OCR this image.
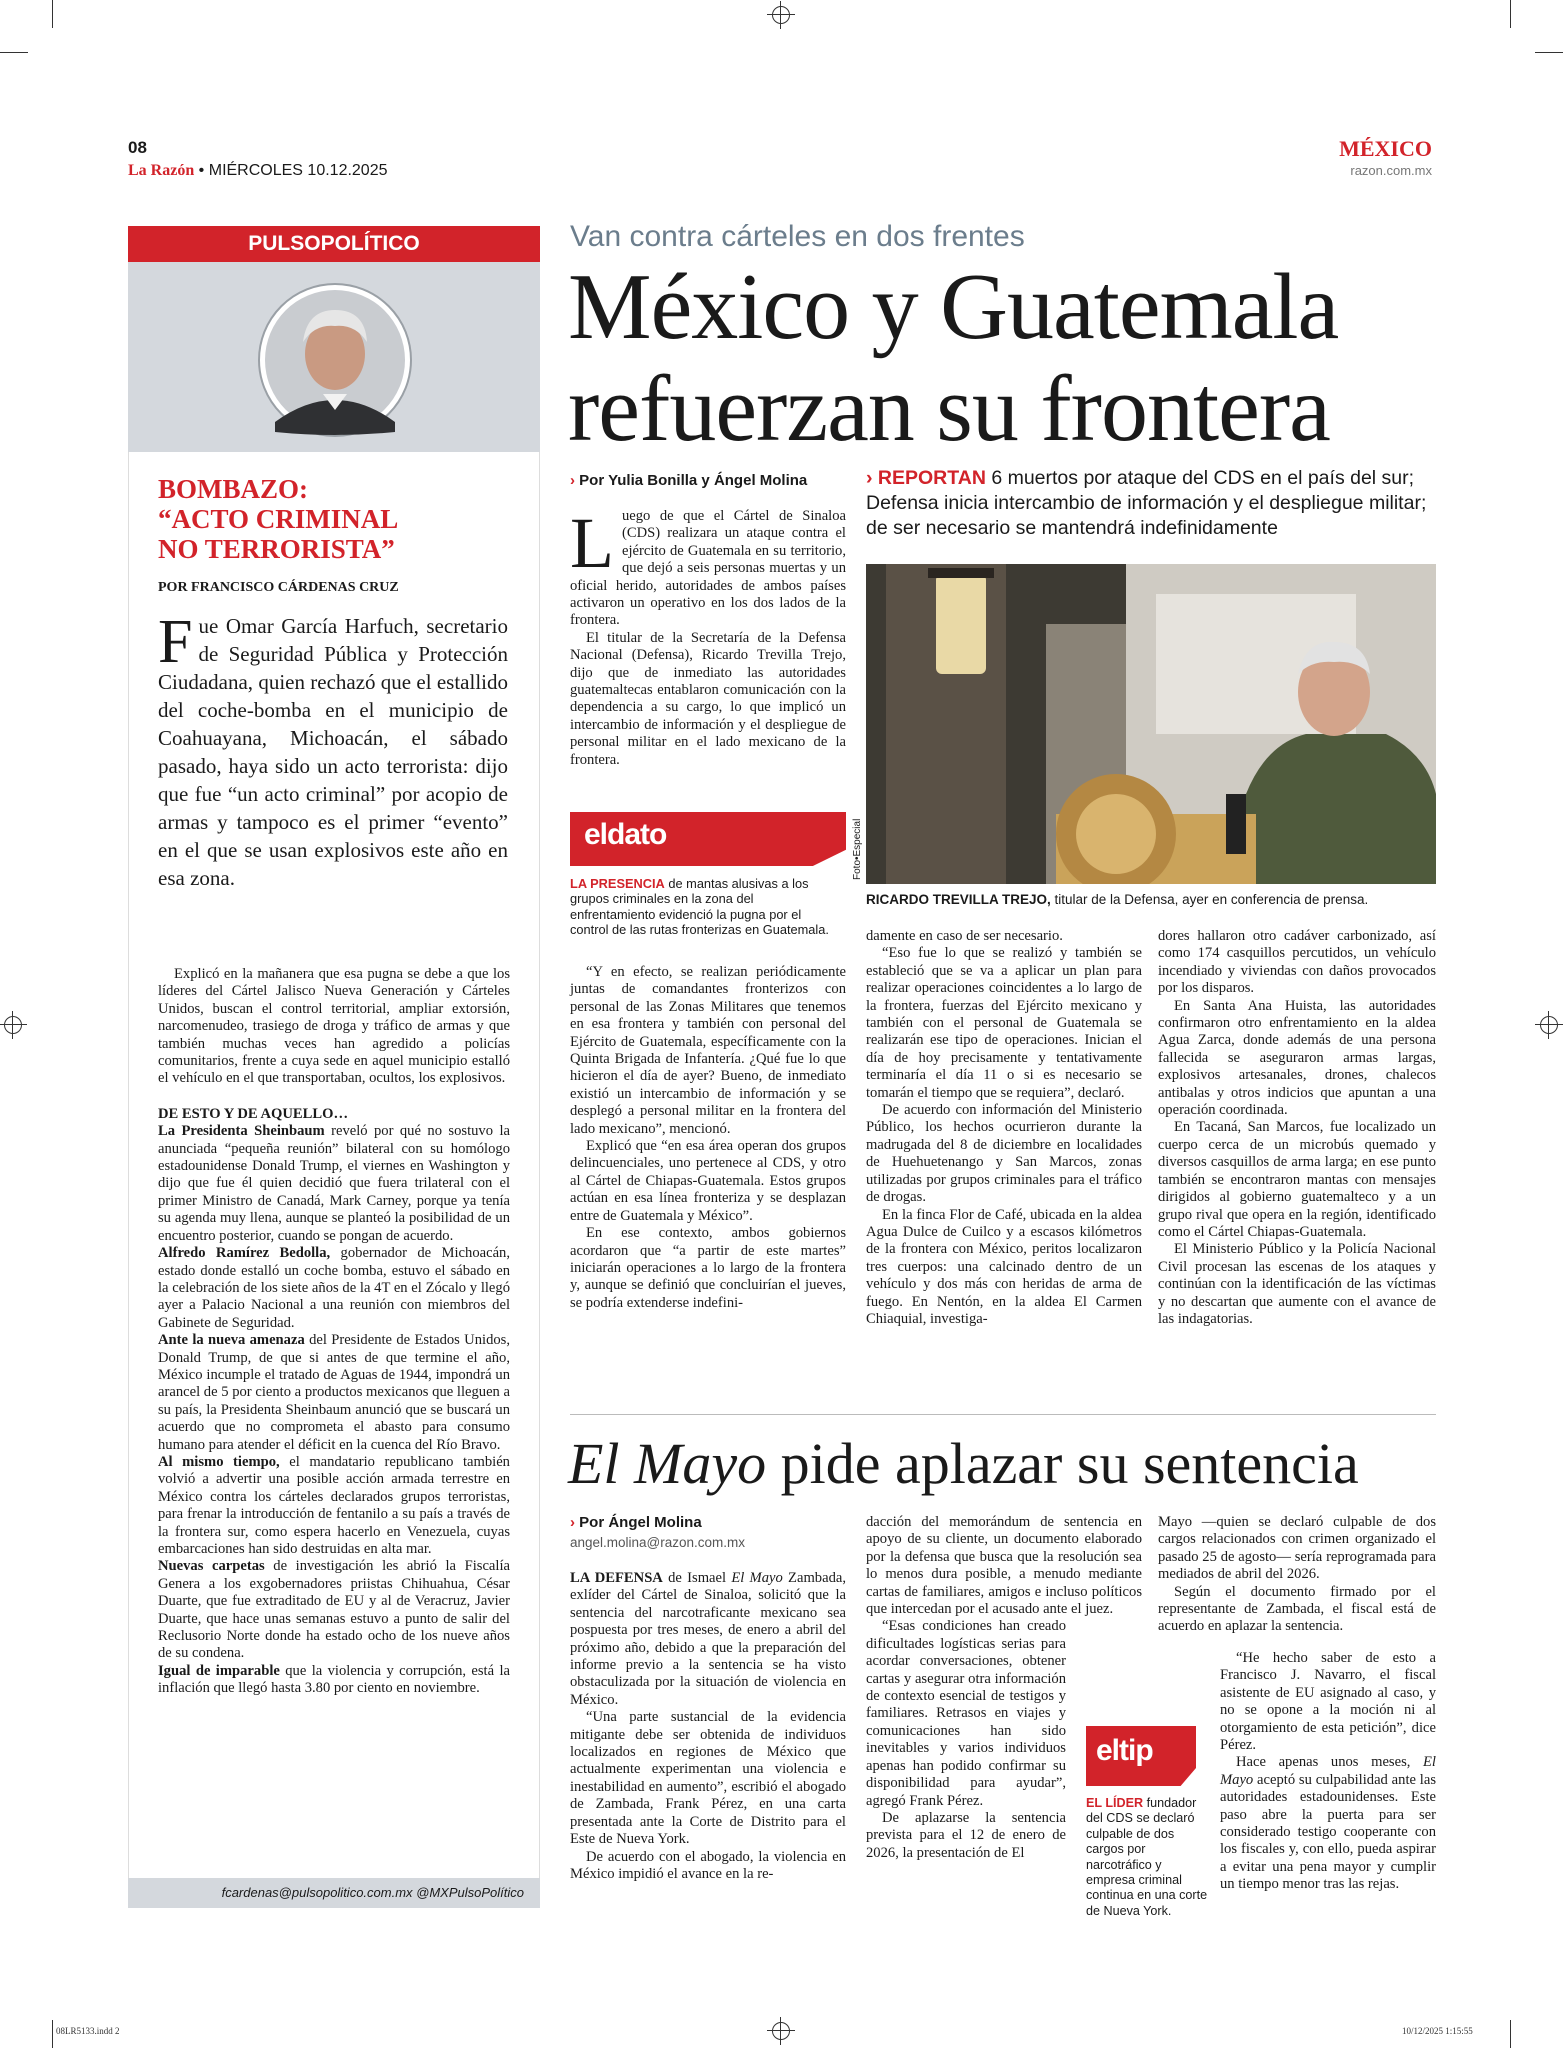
08
La Razón • MIÉRCOLES 10.12.2025
MÉXICO
razon.com.mx
PULSOPOLÍTICO
BOMBAZO: “ACTO CRIMINAL NO TERRORISTA”
POR FRANCISCO CÁRDENAS CRUZ
Fue Omar García Harfuch, secretario de Seguridad Pública y Protección Ciudadana, quien rechazó que el estallido del coche-bomba en el municipio de Coahuayana, Michoacán, el sábado pasado, haya sido un acto terrorista: dijo que fue “un acto criminal” por acopio de armas y tampoco es el primer “evento” en el que se usan explosivos este año en esa zona.

Explicó en la mañanera que esa pugna se debe a que los líderes del Cártel Jalisco Nueva Generación y Cárteles Unidos, buscan el control territorial, ampliar extorsión, narcomenudeo, trasiego de droga y tráfico de armas y que también muchas veces han agredido a policías comunitarios, frente a cuya sede en aquel municipio estalló el vehículo en el que transportaban, ocultos, los explosivos.

DE ESTO Y DE AQUELLO…

La Presidenta Sheinbaum reveló por qué no sostuvo la anunciada “pequeña reunión” bilateral con su homólogo estadounidense Donald Trump, el viernes en Washington y dijo que fue él quien decidió que fuera trilateral con el primer Ministro de Canadá, Mark Carney, porque ya tenía su agenda muy llena, aunque se planteó la posibilidad de un encuentro posterior, cuando se pongan de acuerdo.

Alfredo Ramírez Bedolla, gobernador de Michoacán, estado donde estalló un coche bomba, estuvo el sábado en la celebración de los siete años de la 4T en el Zócalo y llegó ayer a Palacio Nacional a una reunión con miembros del Gabinete de Seguridad.

Ante la nueva amenaza del Presidente de Estados Unidos, Donald Trump, de que si antes de que termine el año, México incumple el tratado de Aguas de 1944, impondrá un arancel de 5 por ciento a productos mexicanos que lleguen a su país, la Presidenta Sheinbaum anunció que se buscará un acuerdo que no comprometa el abasto para consumo humano para atender el déficit en la cuenca del Río Bravo.

Al mismo tiempo, el mandatario republicano también volvió a advertir una posible acción armada terrestre en México contra los cárteles declarados grupos terroristas, para frenar la introducción de fentanilo a su país a través de la frontera sur, como espera hacerlo en Venezuela, cuyas embarcaciones han sido destruidas en alta mar.

Nuevas carpetas de investigación les abrió la Fiscalía Genera a los exgobernadores priistas Chihuahua, César Duarte, que fue extraditado de EU y al de Veracruz, Javier Duarte, que hace unas semanas estuvo a punto de salir del Reclusorio Norte donde ha estado ocho de los nueve años de su condena.

Igual de imparable que la violencia y corrupción, está la inflación que llegó hasta 3.80 por ciento en noviembre.

fcardenas@pulsopolitico.com.mx @MXPulsoPolítico
Van contra cárteles en dos frentes
México y Guatemala refuerzan su frontera
› Por Yulia Bonilla y Ángel Molina	› REPORTAN 6 muertos por ataque del CDS en el país del sur; Defensa inicia intercambio de información y el despliegue militar; de ser necesario se mantendrá indefinidamente
Luego de que el Cártel de Sinaloa (CDS) realizara un ataque contra el ejército de Guatemala en su territorio, que dejó a seis personas muertas y un oficial herido, autoridades de ambos países activaron un operativo en los dos lados de la frontera.

El titular de la Secretaría de la Defensa Nacional (Defensa), Ricardo Trevilla Trejo, dijo que de inmediato las autoridades guatemaltecas entablaron comunicación con la dependencia a su cargo, lo que implicó un intercambio de información y el despliegue de personal militar en el lado mexicano de la frontera.

eldato
LA PRESENCIA de mantas alusivas a los grupos criminales en la zona del enfrentamiento evidenció la pugna por el control de las rutas fronterizas en Guatemala.
Foto•Especial
RICARDO TREVILLA TREJO, titular de la Defensa, ayer en conferencia de prensa.

“Y en efecto, se realizan periódicamente juntas de comandantes fronterizos con personal de las Zonas Militares que tenemos en esa frontera y también con personal del Ejército de Guatemala, específicamente con la Quinta Brigada de Infantería. ¿Qué fue lo que hicieron el día de ayer? Bueno, de inmediato existió un intercambio de información y se desplegó a personal militar en la frontera del lado mexicano”, mencionó.

Explicó que “en esa área operan dos grupos delincuenciales, uno pertenece al CDS, y otro al Cártel de Chiapas-Guatemala. Estos grupos actúan en esa línea fronteriza y se desplazan entre de Guatemala y México”.

En ese contexto, ambos gobiernos acordaron que “a partir de este martes” iniciarán operaciones a lo largo de la frontera y, aunque se definió que concluirían el jueves, se podría extenderse indefini-

damente en caso de ser necesario.

“Eso fue lo que se realizó y también se estableció que se va a aplicar un plan para realizar operaciones coincidentes a lo largo de la frontera, fuerzas del Ejército mexicano y también con el personal de Guatemala se realizarán ese tipo de operaciones. Inician el día de hoy precisamente y tentativamente terminaría el día 11 o si es necesario se tomarán el tiempo que se requiera”, declaró.

De acuerdo con información del Ministerio Público, los hechos ocurrieron durante la madrugada del 8 de diciembre en localidades de Huehuetenango y San Marcos, zonas utilizadas por grupos criminales para el tráfico de drogas.

En la finca Flor de Café, ubicada en la aldea Agua Dulce de Cuilco y a escasos kilómetros de la frontera con México, peritos localizaron tres cuerpos: una calcinado dentro de un vehículo y dos más con heridas de arma de fuego. En Nentón, en la aldea El Carmen Chiaquial, investiga-

dores hallaron otro cadáver carbonizado, así como 174 casquillos percutidos, un vehículo incendiado y viviendas con daños provocados por los disparos.

En Santa Ana Huista, las autoridades confirmaron otro enfrentamiento en la aldea Agua Zarca, donde además de una persona fallecida se aseguraron armas largas, explosivos artesanales, drones, chalecos antibalas y otros indicios que apuntan a una operación coordinada.

En Tacaná, San Marcos, fue localizado un cuerpo cerca de un microbús quemado y diversos casquillos de arma larga; en ese punto también se encontraron mantas con mensajes dirigidos al gobierno guatemalteco y a un grupo rival que opera en la región, identificado como el Cártel Chiapas-Guatemala.

El Ministerio Público y la Policía Nacional Civil procesan las escenas de los ataques y continúan con la identificación de las víctimas y no descartan que aumente con el avance de las indagatorias.

El Mayo pide aplazar su sentencia
› Por Ángel Molina
angel.molina@razon.com.mx

LA DEFENSA de Ismael El Mayo Zambada, exlíder del Cártel de Sinaloa, solicitó que la sentencia del narcotraficante mexicano sea pospuesta por tres meses, de enero a abril del próximo año, debido a que la preparación del informe previo a la sentencia se ha visto obstaculizada por la situación de violencia en México.

“Una parte sustancial de la evidencia mitigante debe ser obtenida de individuos localizados en regiones de México que actualmente experimentan una violencia e inestabilidad en aumento”, escribió el abogado de Zambada, Frank Pérez, en una carta presentada ante la Corte de Distrito para el Este de Nueva York.

De acuerdo con el abogado, la violencia en México impidió el avance en la re-

dacción del memorándum de sentencia en apoyo de su cliente, un documento elaborado por la defensa que busca que la resolución sea lo menos dura posible, a menudo mediante cartas de familiares, amigos e incluso políticos que intercedan por el acusado ante el juez.

“Esas condiciones han creado dificultades logísticas serias para acordar conversaciones, obtener cartas y asegurar otra información de contexto esencial de testigos y familiares. Retrasos en viajes y comunicaciones han sido inevitables y varios individuos apenas han podido confirmar su disponibilidad para ayudar”, agregó Frank Pérez.

De aplazarse la sentencia prevista para el 12 de enero de 2026, la presentación de El

eltip
EL LÍDER fundador del CDS se declaró culpable de dos cargos por narcotráfico y empresa criminal continua en una corte de Nueva York.

Mayo —quien se declaró culpable de dos cargos relacionados con crimen organizado el pasado 25 de agosto— sería reprogramada para mediados de abril del 2026.

Según el documento firmado por el representante de Zambada, el fiscal está de acuerdo en aplazar la sentencia.

“He hecho saber de esto a Francisco J. Navarro, el fiscal asistente de EU asignado al caso, y no se opone a la moción ni al otorgamiento de esta petición”, dice Pérez.

Hace apenas unos meses, El Mayo aceptó su culpabilidad ante las autoridades estadounidenses. Este paso abre la puerta para ser considerado testigo cooperante con los fiscales y, con ello, pueda aspirar a evitar una pena mayor y cumplir un tiempo menor tras las rejas.

08LR5133.indd 2	10/12/2025 1:15:55
